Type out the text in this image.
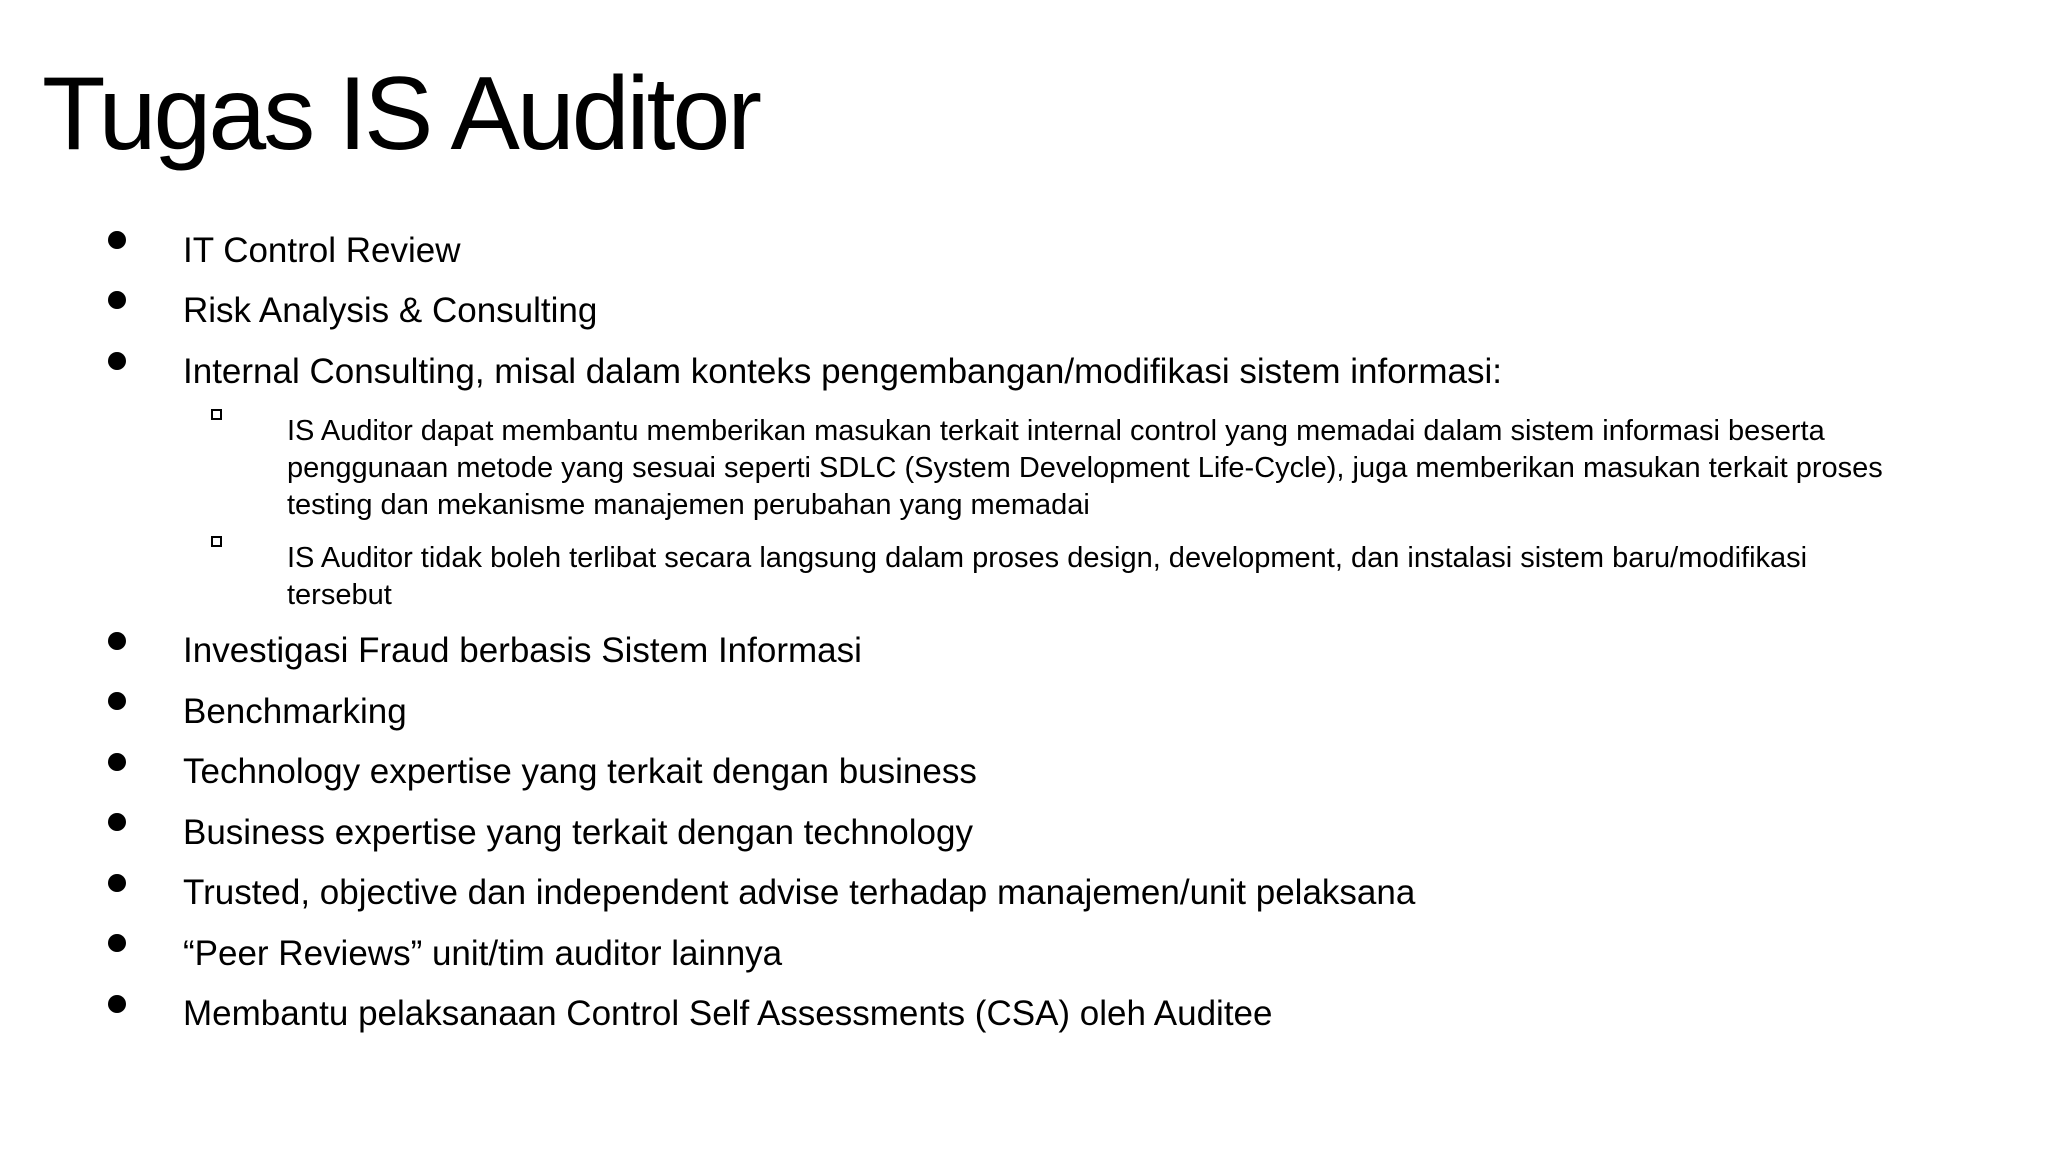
Tugas IS Auditor

IT Control Review

Risk Analysis & Consulting

Internal Consulting, misal dalam konteks pengembangan/modifikasi sistem informasi:

IS Auditor dapat membantu memberikan masukan terkait internal control yang memadai dalam sistem informasi beserta
penggunaan metode yang sesuai seperti SDLC (System Development Life-Cycle), juga memberikan masukan terkait proses
testing dan mekanisme manajemen perubahan yang memadai

IS Auditor tidak boleh terlibat secara langsung dalam proses design, development, dan instalasi sistem baru/modifikasi
tersebut

Investigasi Fraud berbasis Sistem Informasi

Benchmarking

Technology expertise yang terkait dengan business

Business expertise yang terkait dengan technology

Trusted, objective dan independent advise terhadap manajemen/unit pelaksana

“Peer Reviews” unit/tim auditor lainnya

Membantu pelaksanaan Control Self Assessments (CSA) oleh Auditee
